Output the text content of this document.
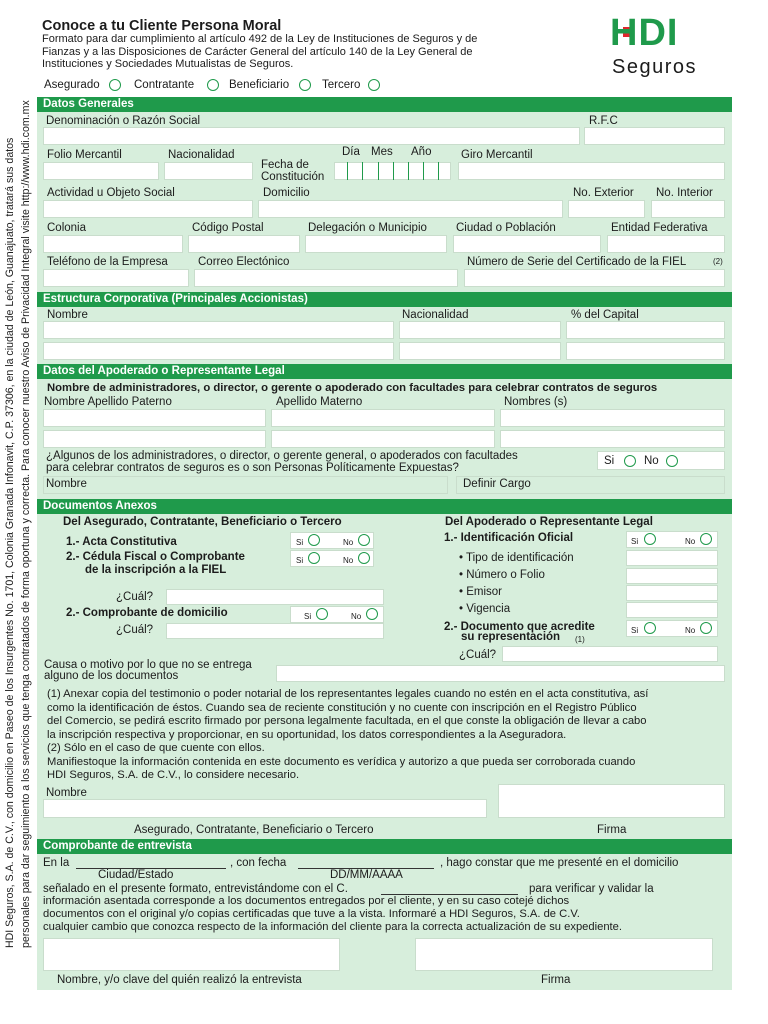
HDI Seguros, S.A. de C.V., con domicilio en Paseo de los Insurgentes No. 1701, Colonia Granada Infonavit, C.P. 37306, en la ciudad de León, Guanajuato, tratará sus datos personales para dar seguimiento a los servicios que tenga contratados de forma oportuna y correcta. Para conocer nuestro Aviso de Privacidad Integral visite http://www.hdi.com.mx
Conoce a tu Cliente Persona Moral
Formato para dar cumplimiento al artículo 492 de la Ley de Instituciones de Seguros y de
Fianzas y a las Disposiciones de Carácter General del artículo 140 de la Ley General de
Instituciones y Sociedades Mutualistas de Seguros.
HDI
Seguros
Asegurado	Contratante	Beneficiario	Tercero
Datos Generales
Denominación o Razón Social	R.F.C
Folio Mercantil	Nacionalidad
Fecha de
Constitución
Día Mes Año	Giro Mercantil
Actividad u Objeto Social	Domicilio	No. Exterior No. Interior
Colonia	Código Postal	Delegación o Municipio	Ciudad o Población	Entidad Federativa
Teléfono de la Empresa	Correo Electónico	Número de Serie del Certificado de la FIEL	(2)
Estructura Corporativa (Principales Accionistas)
Nombre	Nacionalidad	% del Capital
Datos del Apoderado o Representante Legal
Nombre de administradores, o director, o gerente o apoderado con facultades para celebrar contratos de seguros
Nombre Apellido Paterno	Apellido Materno	Nombres (s)
¿Algunos de los administradores, o director, o gerente general, o apoderados con facultades
para celebrar contratos de seguros es o son Personas Políticamente Expuestas?
Si	No
Nombre	Definir Cargo
Documentos Anexos
Del Asegurado, Contratante, Beneficiario o Tercero	Del Apoderado o Representante Legal
1.- Acta Constitutiva	Si	No
2.- Cédula Fiscal o Comprobante
de la inscripción a la FIEL
Si	No
¿Cuál?
2.- Comprobante de domicilio	Si	No
¿Cuál?
1.- Identificación Oficial	Si	No
• Tipo de identificación
• Número o Folio
• Emisor
• Vigencia
2.- Documento que acredite
su representación (1)
Si	No
¿Cuál?
Causa o motivo por lo que no se entrega
alguno de los documentos
(1) Anexar copia del testimonio o poder notarial de los representantes legales cuando no estén en el acta constitutiva, así
como la identificación de éstos. Cuando sea de reciente constitución y no cuente con inscripción en el Registro Público
del Comercio, se pedirá escrito firmado por persona legalmente facultada, en el que conste la obligación de llevar a cabo
la inscripción respectiva y proporcionar, en su oportunidad, los datos correspondientes a la Aseguradora.
(2) Sólo en el caso de que cuente con ellos.
Manifiestoque la información contenida en este documento es verídica y autorizo a que pueda ser corroborada cuando
HDI Seguros, S.A. de C.V., lo considere necesario.
Nombre
Asegurado, Contratante, Beneficiario o Tercero	Firma
Comprobante de entrevista
En la	, con fecha	, hago constar que me presenté en el domicilio
Ciudad/Estado	DD/MM/AAAA
señalado en el presente formato, entrevistándome con el C.	para verificar y validar la
información asentada corresponde a los documentos entregados por el cliente, y en su caso cotejé dichos
documentos con el original y/o copias certificadas que tuve a la vista. Informaré a HDI Seguros, S.A. de C.V.
cualquier cambio que conozca respecto de la información del cliente para la correcta actualización de su expediente.
Nombre, y/o clave del quién realizó la entrevista	Firma
